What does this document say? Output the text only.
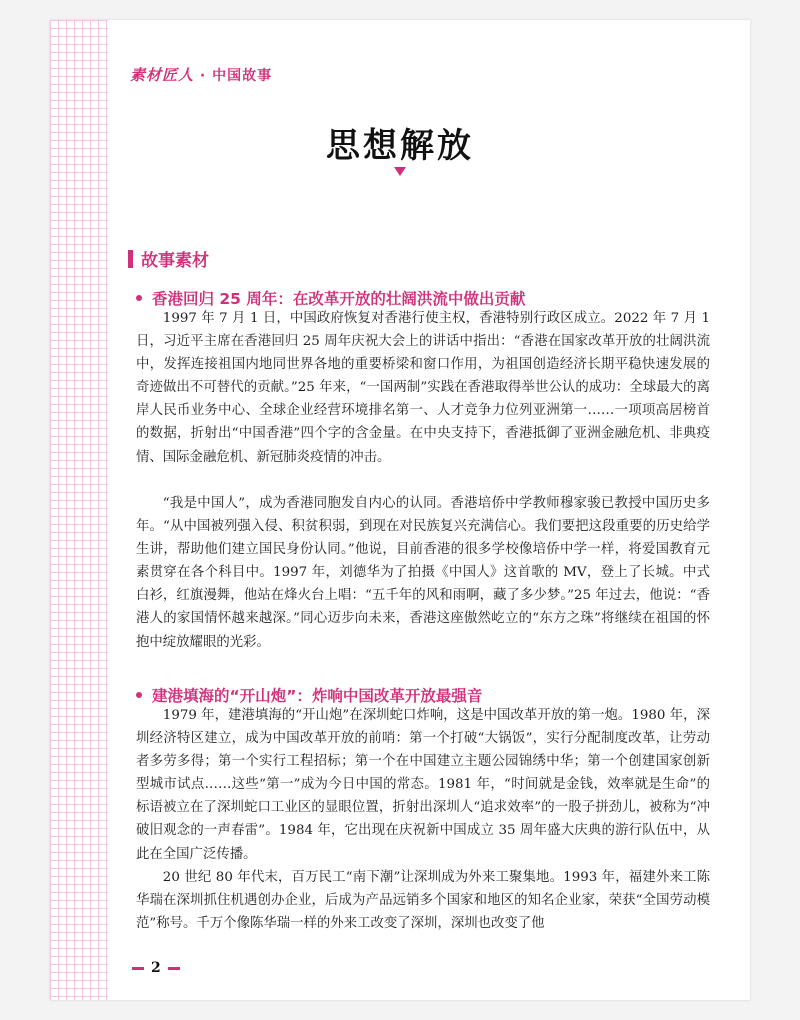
素材匠人 · 中国故事
思想解放
故事素材
香港回归 25 周年：在改革开放的壮阔洪流中做出贡献

1997 年 7 月 1 日，中国政府恢复对香港行使主权，香港特别行政区成立。2022 年 7 月 1 日，习近平主席在香港回归 25 周年庆祝大会上的讲话中指出：“香港在国家改革开放的壮阔洪流中，发挥连接祖国内地同世界各地的重要桥梁和窗口作用，为祖国创造经济长期平稳快速发展的奇迹做出不可替代的贡献。”25 年来，“一国两制”实践在香港取得举世公认的成功：全球最大的离岸人民币业务中心、全球企业经营环境排名第一、人才竞争力位列亚洲第一……一项项高居榜首的数据，折射出“中国香港”四个字的含金量。在中央支持下，香港抵御了亚洲金融危机、非典疫情、国际金融危机、新冠肺炎疫情的冲击。

“我是中国人”，成为香港同胞发自内心的认同。香港培侨中学教师穆家骏已教授中国历史多年。“从中国被列强入侵、积贫积弱，到现在对民族复兴充满信心。我们要把这段重要的历史给学生讲，帮助他们建立国民身份认同。”他说，目前香港的很多学校像培侨中学一样，将爱国教育元素贯穿在各个科目中。1997 年，刘德华为了拍摄《中国人》这首歌的 MV，登上了长城。中式白衫，红旗漫舞，他站在烽火台上唱：“五千年的风和雨啊，藏了多少梦。”25 年过去，他说：“香港人的家国情怀越来越深。”同心迈步向未来，香港这座傲然屹立的“东方之珠”将继续在祖国的怀抱中绽放耀眼的光彩。

建港填海的“开山炮”：炸响中国改革开放最强音

1979 年，建港填海的“开山炮”在深圳蛇口炸响，这是中国改革开放的第一炮。1980 年，深圳经济特区建立，成为中国改革开放的前哨：第一个打破“大锅饭”，实行分配制度改革，让劳动者多劳多得；第一个实行工程招标；第一个在中国建立主题公园锦绣中华；第一个创建国家创新型城市试点……这些“第一”成为今日中国的常态。1981 年，“时间就是金钱，效率就是生命”的标语被立在了深圳蛇口工业区的显眼位置，折射出深圳人“追求效率”的一股子拼劲儿，被称为“冲破旧观念的一声春雷”。1984 年，它出现在庆祝新中国成立 35 周年盛大庆典的游行队伍中，从此在全国广泛传播。

20 世纪 80 年代末，百万民工“南下潮”让深圳成为外来工聚集地。1993 年，福建外来工陈华瑞在深圳抓住机遇创办企业，后成为产品远销多个国家和地区的知名企业家，荣获“全国劳动模范”称号。千万个像陈华瑞一样的外来工改变了深圳，深圳也改变了他

2
